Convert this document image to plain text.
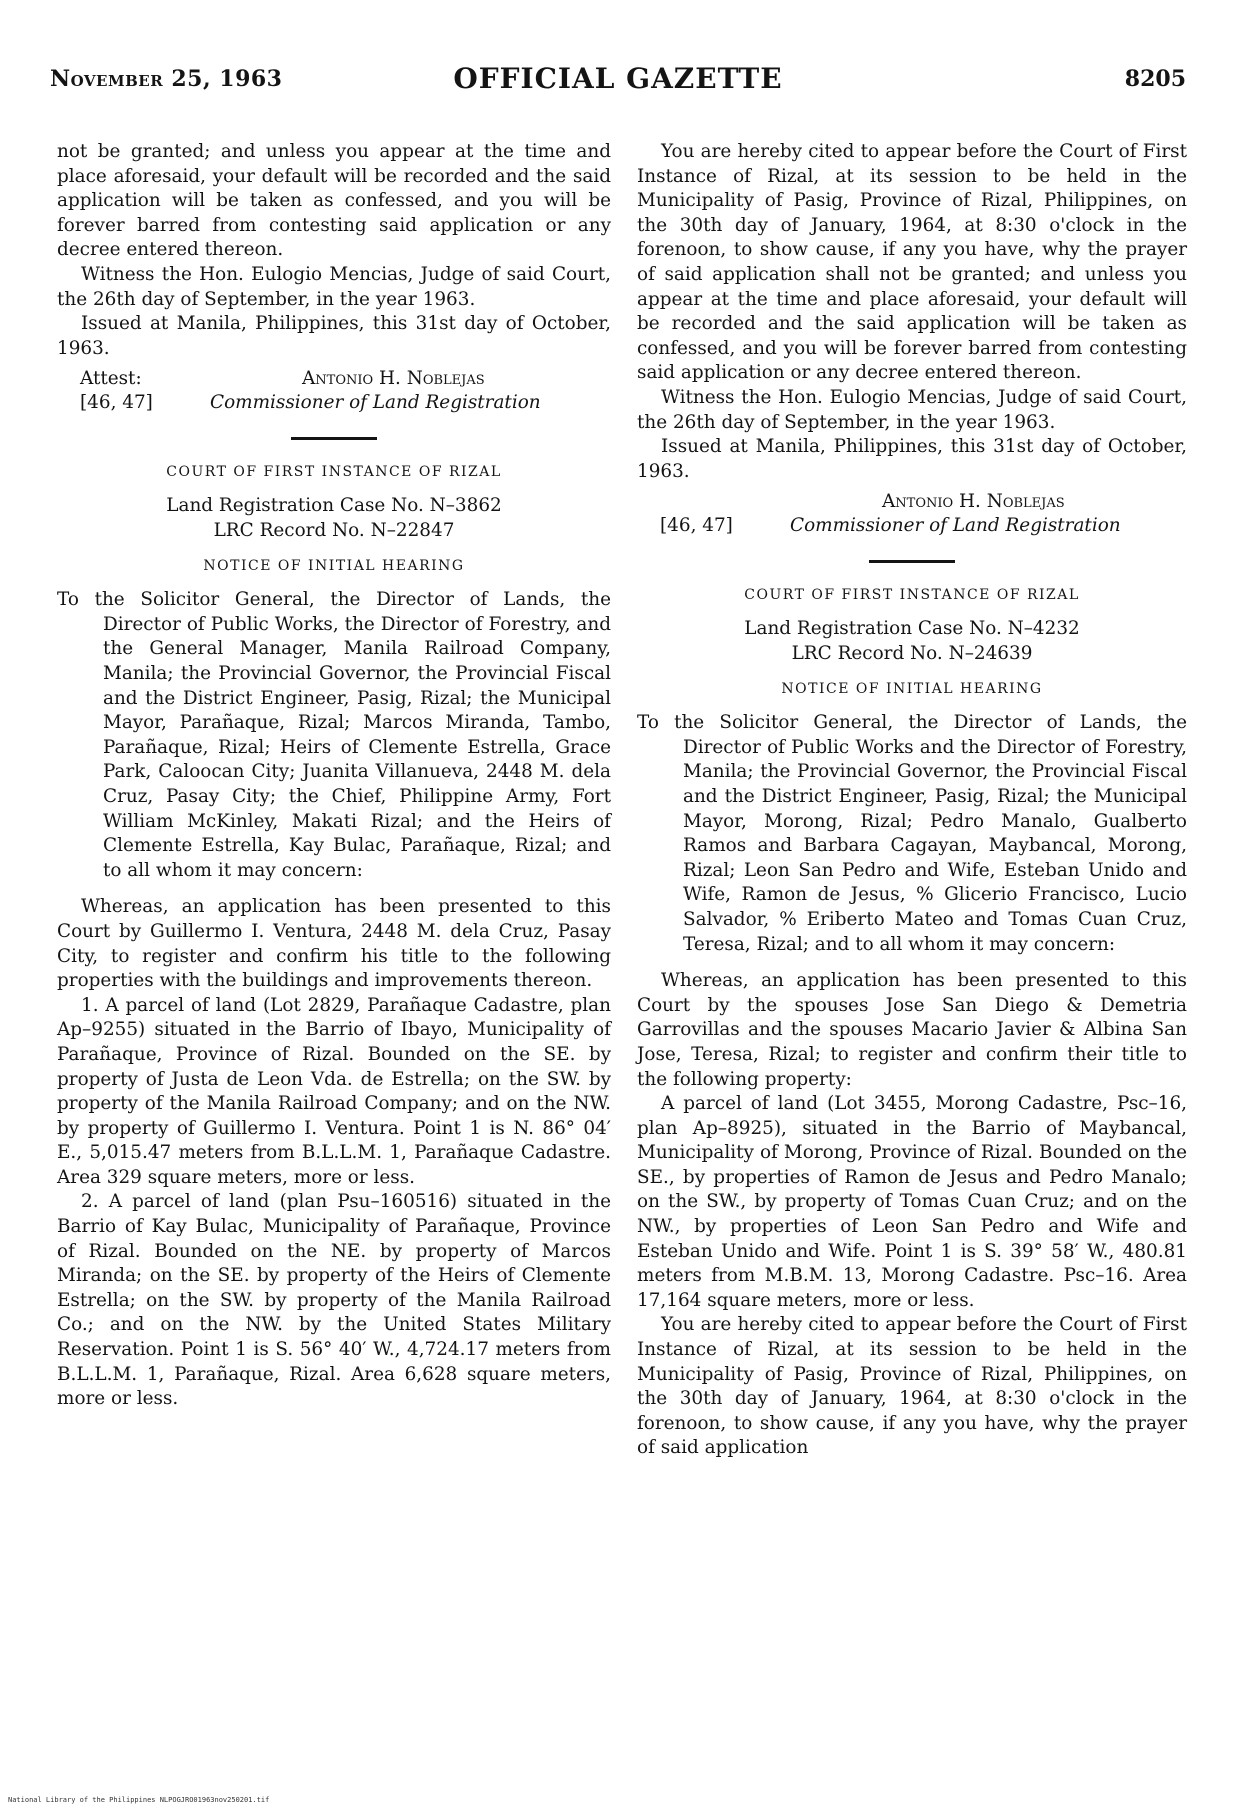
November 25, 1963	OFFICIAL GAZETTE	8205

not be granted; and unless you appear at the time and place aforesaid, your default will be recorded and the said application will be taken as confessed, and you will be forever barred from contesting said application or any decree entered thereon.

Witness the Hon. Eulogio Mencias, Judge of said Court, the 26th day of September, in the year 1963.

Issued at Manila, Philippines, this 31st day of October, 1963.

Attest:	Antonio H. Noblejas
[46, 47]	Commissioner of Land Registration
COURT OF FIRST INSTANCE OF RIZAL
Land Registration Case No. N–3862
LRC Record No. N–22847
NOTICE OF INITIAL HEARING

To the Solicitor General, the Director of Lands, the Director of Public Works, the Director of Forestry, and the General Manager, Manila Railroad Company, Manila; the Provincial Governor, the Provincial Fiscal and the District Engineer, Pasig, Rizal; the Municipal Mayor, Parañaque, Rizal; Marcos Miranda, Tambo, Parañaque, Rizal; Heirs of Clemente Estrella, Grace Park, Caloocan City; Juanita Villanueva, 2448 M. dela Cruz, Pasay City; the Chief, Philippine Army, Fort William McKinley, Makati Rizal; and the Heirs of Clemente Estrella, Kay Bulac, Parañaque, Rizal; and to all whom it may concern:

Whereas, an application has been presented to this Court by Guillermo I. Ventura, 2448 M. dela Cruz, Pasay City, to register and confirm his title to the following properties with the buildings and improvements thereon.

1. A parcel of land (Lot 2829, Parañaque Cadastre, plan Ap–9255) situated in the Barrio of Ibayo, Municipality of Parañaque, Province of Rizal. Bounded on the SE. by property of Justa de Leon Vda. de Estrella; on the SW. by property of the Manila Railroad Company; and on the NW. by property of Guillermo I. Ventura. Point 1 is N. 86° 04′ E., 5,015.47 meters from B.L.L.M. 1, Parañaque Cadastre. Area 329 square meters, more or less.

2. A parcel of land (plan Psu–160516) situated in the Barrio of Kay Bulac, Municipality of Parañaque, Province of Rizal. Bounded on the NE. by property of Marcos Miranda; on the SE. by property of the Heirs of Clemente Estrella; on the SW. by property of the Manila Railroad Co.; and on the NW. by the United States Military Reservation. Point 1 is S. 56° 40′ W., 4,724.17 meters from B.L.L.M. 1, Parañaque, Rizal. Area 6,628 square meters, more or less.

You are hereby cited to appear before the Court of First Instance of Rizal, at its session to be held in the Municipality of Pasig, Province of Rizal, Philippines, on the 30th day of January, 1964, at 8:30 o'clock in the forenoon, to show cause, if any you have, why the prayer of said application shall not be granted; and unless you appear at the time and place aforesaid, your default will be recorded and the said application will be taken as confessed, and you will be forever barred from contesting said application or any decree entered thereon.

Witness the Hon. Eulogio Mencias, Judge of said Court, the 26th day of September, in the year 1963.

Issued at Manila, Philippines, this 31st day of October, 1963.

Antonio H. Noblejas
[46, 47]	Commissioner of Land Registration
COURT OF FIRST INSTANCE OF RIZAL
Land Registration Case No. N–4232
LRC Record No. N–24639
NOTICE OF INITIAL HEARING

To the Solicitor General, the Director of Lands, the Director of Public Works and the Director of Forestry, Manila; the Provincial Governor, the Provincial Fiscal and the District Engineer, Pasig, Rizal; the Municipal Mayor, Morong, Rizal; Pedro Manalo, Gualberto Ramos and Barbara Cagayan, Maybancal, Morong, Rizal; Leon San Pedro and Wife, Esteban Unido and Wife, Ramon de Jesus, % Glicerio Francisco, Lucio Salvador, % Eriberto Mateo and Tomas Cuan Cruz, Teresa, Rizal; and to all whom it may concern:

Whereas, an application has been presented to this Court by the spouses Jose San Diego & Demetria Garrovillas and the spouses Macario Javier & Albina San Jose, Teresa, Rizal; to register and confirm their title to the following property:

A parcel of land (Lot 3455, Morong Cadastre, Psc–16, plan Ap–8925), situated in the Barrio of Maybancal, Municipality of Morong, Province of Rizal. Bounded on the SE., by properties of Ramon de Jesus and Pedro Manalo; on the SW., by property of Tomas Cuan Cruz; and on the NW., by properties of Leon San Pedro and Wife and Esteban Unido and Wife. Point 1 is S. 39° 58′ W., 480.81 meters from M.B.M. 13, Morong Cadastre. Psc–16. Area 17,164 square meters, more or less.

You are hereby cited to appear before the Court of First Instance of Rizal, at its session to be held in the Municipality of Pasig, Province of Rizal, Philippines, on the 30th day of January, 1964, at 8:30 o'clock in the forenoon, to show cause, if any you have, why the prayer of said application

National Library of the Philippines NLPOGJRO01963nov250201.tif
